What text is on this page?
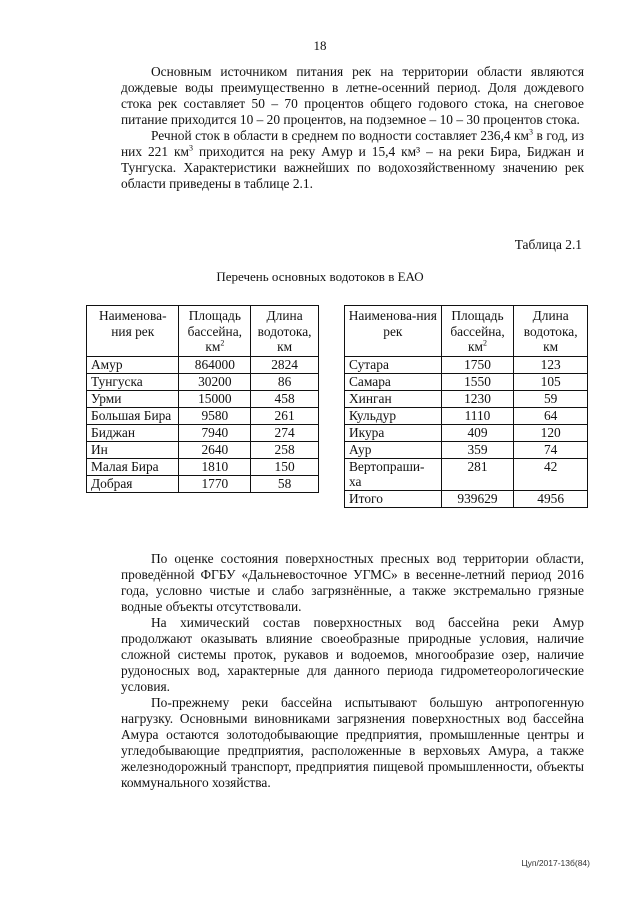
18

Основным источником питания рек на территории области являются дождевые воды преимущественно в летне-осенний период. Доля дождевого стока рек составляет 50 – 70 процентов общего годового стока, на снеговое питание приходится 10 – 20 процентов, на подземное – 10 – 30 процентов стока.

Речной сток в области в среднем по водности составляет 236,4 $км^3$ в год, из них 221 $км^3$ приходится на реку Амур и 15,4 км³ – на реки Бира, Биджан и Тунгуска. Характеристики важнейших по водохозяйственному значению рек области приведены в таблице 2.1.

Таблица 2.1
Перечень основных водотоков в ЕАО
Наименова-ния рек	Площадь бассейна, $км^2$	Длина водотока, км
Амур	864000	2824
Тунгуска	30200	86
Урми	15000	458
Большая Бира	9580	261
Биджан	7940	274
Ин	2640	258
Малая Бира	1810	150
Добрая	1770	58
Наименова-ния рек	Площадь бассейна, $км^2$	Длина водотока, км
Сутара	1750	123
Самара	1550	105
Хинган	1230	59
Кульдур	1110	64
Икура	409	120
Аур	359	74
Вертопраши-ха	281	42
Итого	939629	4956

По оценке состояния поверхностных пресных вод территории области, проведённой ФГБУ «Дальневосточное УГМС» в весенне-летний период 2016 года, условно чистые и слабо загрязнённые, а также экстремально грязные водные объекты отсутствовали.

На химический состав поверхностных вод бассейна реки Амур продолжают оказывать влияние своеобразные природные условия, наличие сложной системы проток, рукавов и водоемов, многообразие озер, наличие рудоносных вод, характерные для данного периода гидрометеорологические условия.

По-прежнему реки бассейна испытывают большую антропогенную нагрузку. Основными виновниками загрязнения поверхностных вод бассейна Амура остаются золотодобывающие предприятия, промышленные центры и угледобывающие предприятия, расположенные в верховьях Амура, а также железнодорожный транспорт, предприятия пищевой промышленности, объекты коммунального хозяйства.

Цуп/2017-13б(84)
